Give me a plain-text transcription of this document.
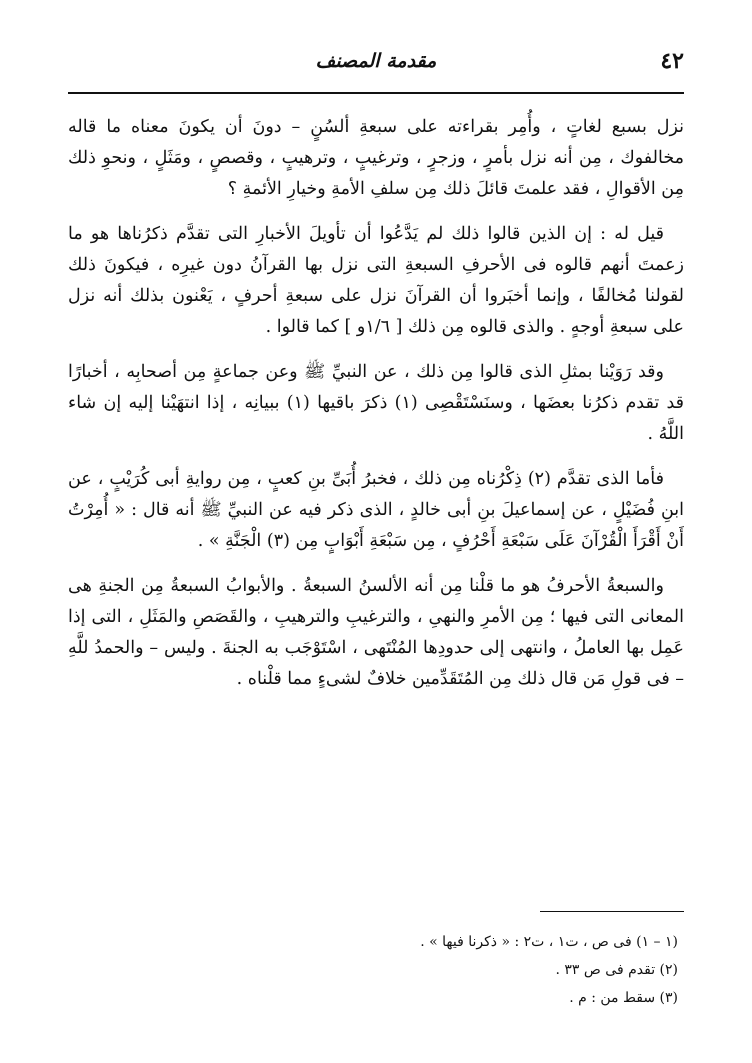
٤٢
مقدمة المصنف

نزل بسبع لغاتٍ ، وأُمِر بقراءته على سبعةِ ألسُنٍ – دونَ أن يكونَ معناه ما قاله مخالفوك ، مِن أنه نزل بأمرٍ ، وزجرٍ ، وترغيبٍ ، وترهيبٍ ، وقصصٍ ، ومَثَلٍ ، ونحوِ ذلك مِن الأقوالِ ، فقد علمتَ قائلَ ذلك مِن سلفِ الأمةِ وخيارِ الأئمةِ ؟

قيل له : إن الذين قالوا ذلك لم يَدَّعُوا أن تأويلَ الأخبارِ التى تقدَّم ذكرُناها هو ما زعمتَ أنهم قالوه فى الأحرفِ السبعةِ التى نزل بها القرآنُ دون غيرِه ، فيكونَ ذلك لقولنا مُخالفًا ، وإنما أخبَروا أن القرآنَ نزل على سبعةِ أحرفٍ ، يَعْنون بذلك أنه نزل على سبعةِ أوجهٍ . والذى قالوه مِن ذلك [ ١/٦و ] كما قالوا .

وقد رَوَيْنا بمثلِ الذى قالوا مِن ذلك ، عن النبيِّ ﷺ وعن جماعةٍ مِن أصحابِه ، أخبارًا قد تقدم ذكرُنا بعضَها ، وسنَسْتَقْصِى (١) ذكرَ باقيها (١) ببيانِه ، إذا انتهَيْنا إليه إن شاء اللَّهُ .

فأما الذى تقدَّم (٢) ذِكْرُناه مِن ذلك ، فخبرُ أُبَىِّ بنِ كعبٍ ، مِن روايةِ أبى كُرَيْبٍ ، عن ابنِ فُضَيْلٍ ، عن إسماعيلَ بنِ أبى خالدٍ ، الذى ذكر فيه عن النبيِّ ﷺ أنه قال : « أُمِرْتُ أَنْ أَقْرَأَ الْقُرْآنَ عَلَى سَبْعَةِ أَحْرُفٍ ، مِن سَبْعَةِ أَبْوَابٍ مِن (٣) الْجَنَّةِ » .

والسبعةُ الأحرفُ هو ما قلْنا مِن أنه الألسنُ السبعةُ . والأبوابُ السبعةُ مِن الجنةِ هى المعانى التى فيها ؛ مِن الأمرِ والنهىِ ، والترغيبِ والترهيبِ ، والقَصَصِ والمَثَلِ ، التى إذا عَمِل بها العاملُ ، وانتهى إلى حدودِها المُنْتَهى ، اسْتَوْجَب به الجنةَ . وليس – والحمدُ للَّهِ – فى قولِ مَن قال ذلك مِن المُتَقَدِّمين خلافٌ لشىءٍ مما قلْناه .

(١ – ١) فى ص ، ت١ ، ت٢ : « ذكرنا فيها » .

(٢) تقدم فى ص ٣٣ .

(٣) سقط من : م .
